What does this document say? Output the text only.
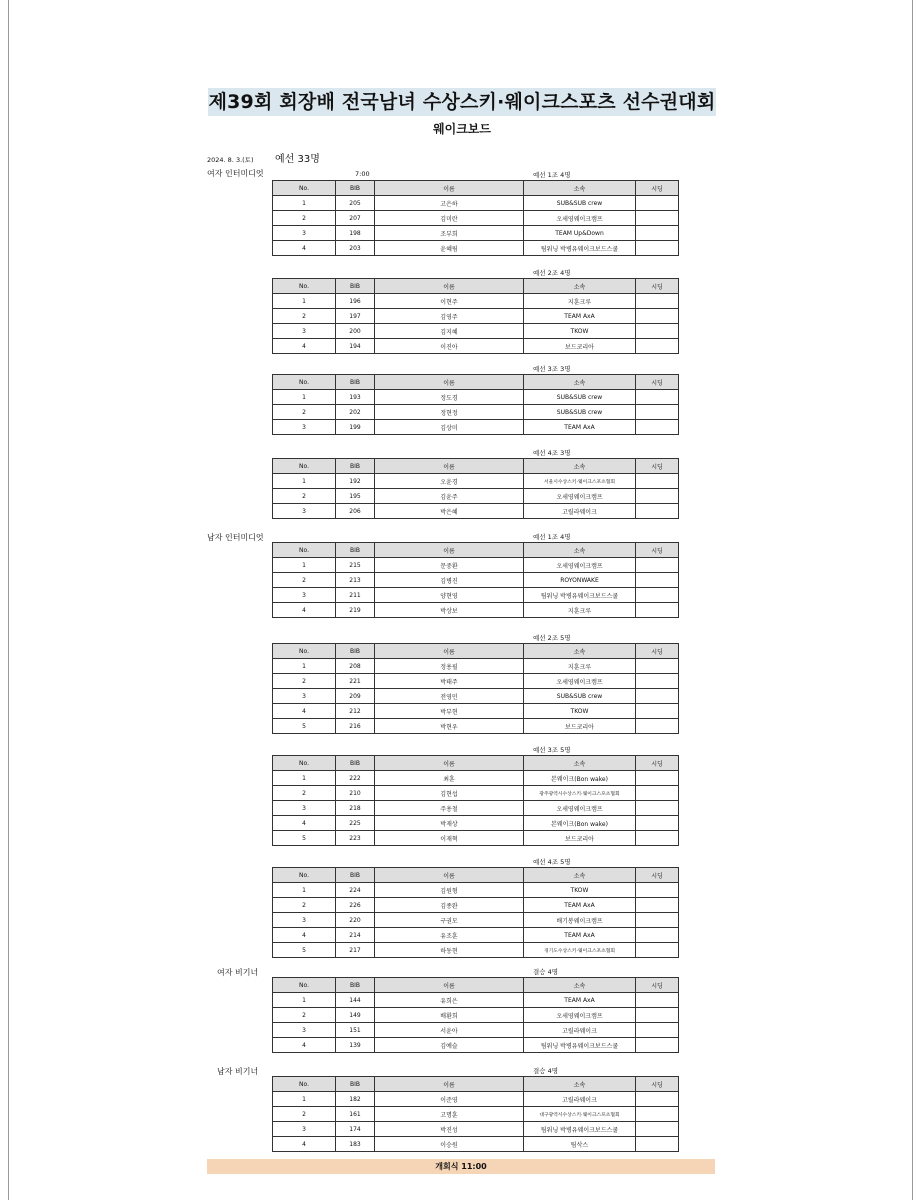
제39회 회장배 전국남녀 수상스키·웨이크스포츠 선수권대회
웨이크보드
2024. 8. 3.(토) 예선 33명
7:00
여자 인터미디엇	예선 1조 4명
No.	BIB	이름	소속	시딩
1	205	고은하	SUB&SUB crew	
2	207	김미란	오세영웨이크캠프	
3	198	조부희	TEAM Up&Down	
4	203	윤혜림	팀워닝 박병유웨이크보드스쿨	
예선 2조 4명
No.	BIB	이름	소속	시딩
1	196	이현주	지훈크루	
2	197	김영주	TEAM AxA	
3	200	김지혜	TKOW	
4	194	이진아	보드코리아	
예선 3조 3명
No.	BIB	이름	소속	시딩
1	193	정도경	SUB&SUB crew	
2	202	정현정	SUB&SUB crew	
3	199	김상미	TEAM AxA	
예선 4조 3명
No.	BIB	이름	소속	시딩
1	192	오윤경	서울시수상스키·웨이크스포츠협회	
2	195	김윤주	오세영웨이크캠프	
3	206	박은혜	고릴라웨이크	
남자 인터미디엇	예선 1조 4명
No.	BIB	이름	소속	시딩
1	215	문중환	오세영웨이크캠프	
2	213	김병진	ROYONWAKE	
3	211	양현영	팀워닝 박병유웨이크보드스쿨	
4	219	박상보	지훈크루	
예선 2조 5명
No.	BIB	이름	소속	시딩
1	208	정용필	지훈크루	
2	221	박태주	오세영웨이크캠프	
3	209	전영민	SUB&SUB crew	
4	212	박부현	TKOW	
5	216	박현우	보드코리아	
예선 3조 5명
No.	BIB	이름	소속	시딩
1	222	최훈	본웨이크(Bon wake)	
2	210	김현섭	광주광역시수상스키·웨이크스포츠협회	
3	218	주용철	오세영웨이크캠프	
4	225	박재상	본웨이크(Bon wake)	
5	223	이재혁	보드코리아	
예선 4조 5명
No.	BIB	이름	소속	시딩
1	224	김원형	TKOW	
2	226	김종완	TEAM AxA	
3	220	구권모	배기봉웨이크캠프	
4	214	유조훈	TEAM AxA	
5	217	하동현	경기도수상스키·웨이크스포츠협회	
여자 비기너	결승 4명
No.	BIB	이름	소속	시딩
1	144	유희은	TEAM AxA	
2	149	배환희	오세영웨이크캠프	
3	151	서윤아	고릴라웨이크	
4	139	김예슬	팀워닝 박병유웨이크보드스쿨	
남자 비기너	결승 4명
No.	BIB	이름	소속	시딩
1	182	이준영	고릴라웨이크	
2	161	고명훈	대구광역시수상스키·웨이크스포츠협회	
3	174	박진성	팀워닝 박병유웨이크보드스쿨	
4	183	이승원	팀삭스	
개회식 11:00
